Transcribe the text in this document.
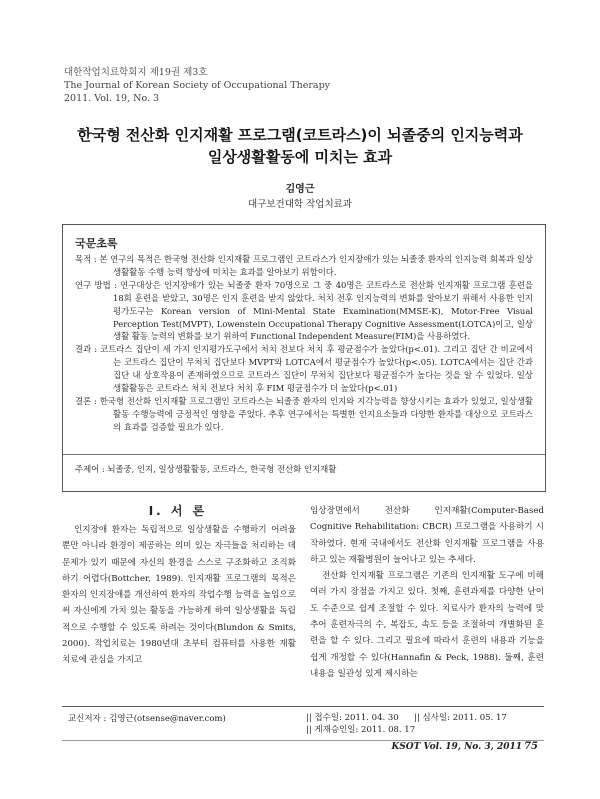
대한작업치료학회지 제19권 제3호
The Journal of Korean Society of Occupational Therapy
2011. Vol. 19, No. 3
한국형 전산화 인지재활 프로그램(코트라스)이 뇌졸중의 인지능력과
일상생활활동에 미치는 효과
김영근
대구보건대학 작업치료과
국문초록

목적 : 본 연구의 목적은 한국형 전산화 인지재활 프로그램인 코트라스가 인지장애가 있는 뇌졸중 환자의 인지능력 회복과 일상생활활동 수행 능력 향상에 미치는 효과를 알아보기 위함이다.

연구 방법 : 연구대상은 인지장애가 있는 뇌졸중 환자 70명으로 그 중 40명은 코트라스로 전산화 인지재활 프로그램 훈련을 18회 훈련을 받았고, 30명은 인지 훈련을 받지 않았다. 처치 전후 인지능력의 변화를 알아보기 위해서 사용한 인지평가도구는 Korean version of Mini-Mental State Examination(MMSE-K), Motor-Free Visual Perception Test(MVPT), Lowenstein Occupational Therapy Cognitive Assessment(LOTCA)이고, 일상생활 활동 능력의 변화를 보기 위하여 Functional Independent Measure(FIM)을 사용하였다.

결과 : 코트라스 집단이 세 가지 인지평가도구에서 처치 전보다 처치 후 평균점수가 높았다(p<.01). 그리고 집단 간 비교에서는 코트라스 집단이 무처치 집단보다 MVPT와 LOTCA에서 평균점수가 높았다(p<.05). LOTCA에서는 집단 간과 집단 내 상호작용이 존재하였으므로 코트라스 집단이 무처치 집단보다 평균점수가 높다는 것을 알 수 있었다. 일상생활활동은 코트라스 처치 전보다 처치 후 FIM 평균점수가 더 높았다(p<.01)

결론 : 한국형 전산화 인지재활 프로그램인 코트라스는 뇌졸중 환자의 인지와 지각능력을 향상시키는 효과가 있었고, 일상생활활동 수행능력에 긍정적인 영향을 주었다. 추후 연구에서는 특별한 인지요소들과 다양한 환자를 대상으로 코트라스의 효과를 검증할 필요가 있다.

주제어 : 뇌졸중, 인지, 일상생활활동, 코트라스, 한국형 전산화 인지재활
Ⅰ. 서 론

인지장애 환자는 독립적으로 일상생활을 수행하기 어려울 뿐만 아니라 환경이 제공하는 의미 있는 자극들을 처리하는 데 문제가 있기 때문에 자신의 환경을 스스로 구조화하고 조직화하기 어렵다(Bottcher, 1989). 인지재활 프로그램의 목적은 환자의 인지장애를 개선하여 환자의 작업수행 능력을 높임으로써 자신에게 가치 있는 활동을 가능하게 하여 일상생활을 독립적으로 수행할 수 있도록 하려는 것이다(Blundon & Smits, 2000). 작업치료는 1980년대 초부터 컴퓨터를 사용한 재활 치료에 관심을 가지고

임상장면에서 전산화 인지재활(Computer-Based Cognitive Rehabilitation: CBCR) 프로그램을 사용하기 시작하였다. 현재 국내에서도 전산화 인지재활 프로그램을 사용하고 있는 재활병원이 늘어나고 있는 추세다.

전산화 인지재활 프로그램은 기존의 인지재활 도구에 비해 여러 가지 장점을 가지고 있다. 첫째, 훈련과제를 다양한 난이도 수준으로 쉽게 조절할 수 있다. 치료사가 환자의 능력에 맞추어 훈련자극의 수, 복잡도, 속도 등을 조절하여 개별화된 훈련을 할 수 있다. 그리고 필요에 따라서 훈련의 내용과 기능을 쉽게 개정할 수 있다(Hannafin & Peck, 1988). 둘째, 훈련내용을 일관성 있게 제시하는

교신저자 : 김영근(otsense@naver.com)	|| 접수일: 2011. 04. 30 || 심사일: 2011. 05. 17
|| 게재승인일: 2011. 08. 17
KSOT Vol. 19, No. 3, 2011 75
